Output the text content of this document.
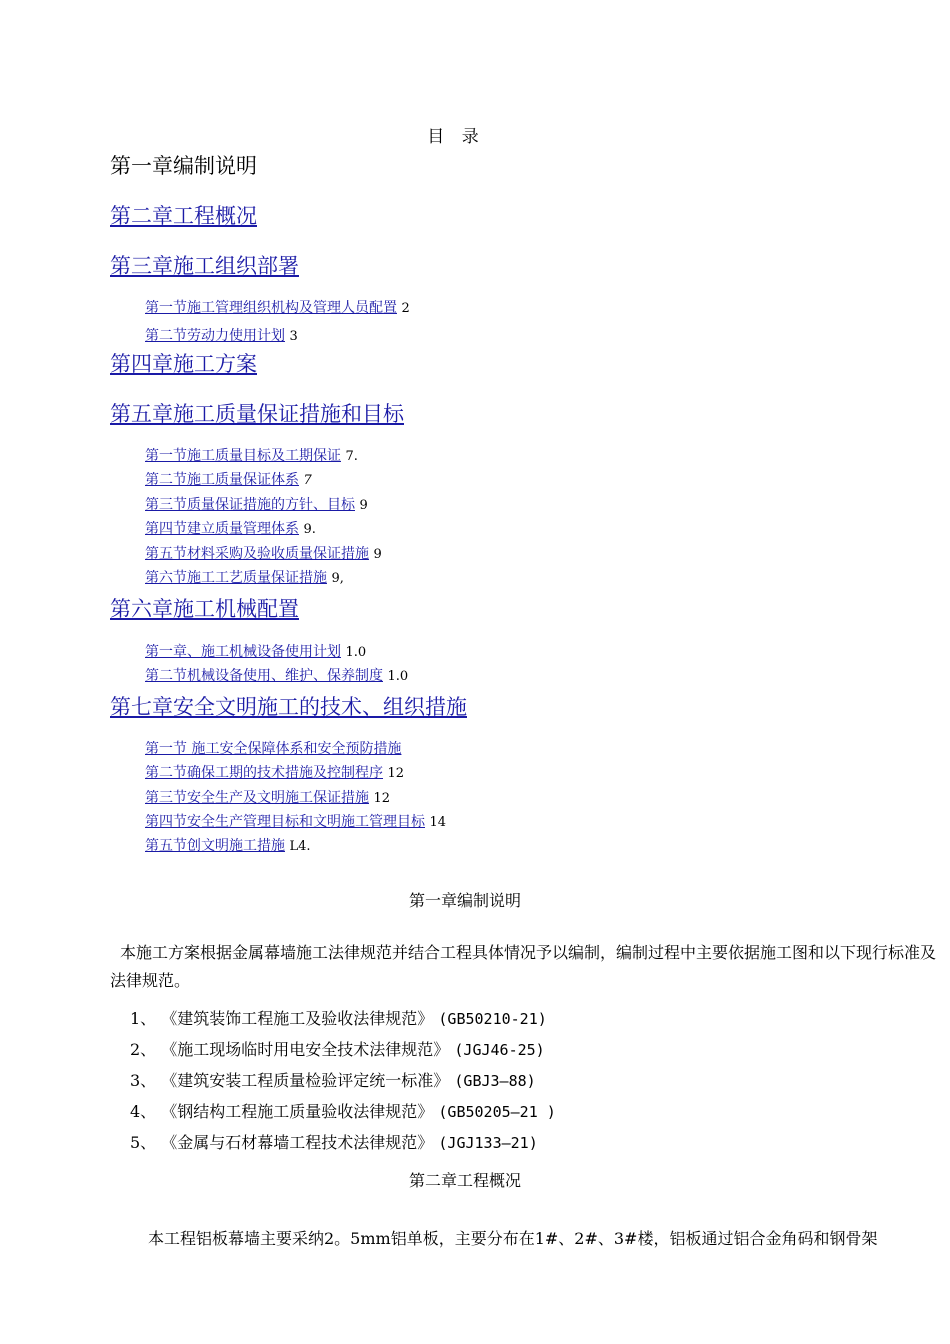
目 录
第一章编制说明
第二章工程概况
第三章施工组织部署
第一节施工管理组织机构及管理人员配置 2
第二节劳动力使用计划 3
第四章施工方案
第五章施工质量保证措施和目标
第一节施工质量目标及工期保证 7.
第二节施工质量保证体系 7
第三节质量保证措施的方针、目标 9
第四节建立质量管理体系 9.
第五节材料采购及验收质量保证措施 9
第六节施工工艺质量保证措施 9,
第六章施工机械配置
第一章、施工机械设备使用计划 1.0
第二节机械设备使用、维护、保养制度 1.0
第七章安全文明施工的技术、组织措施
第一节 施工安全保障体系和安全预防措施
第二节确保工期的技术措施及控制程序 12
第三节安全生产及文明施工保证措施 12
第四节安全生产管理目标和文明施工管理目标 14
第五节创文明施工措施 L4.
第一章编制说明
本施工方案根据金属幕墙施工法律规范并结合工程具体情况予以编制，编制过程中主要依据施工图和以下现行标准及法律规范。
1、 《建筑装饰工程施工及验收法律规范》 (GB50210-21)
2、 《施工现场临时用电安全技术法律规范》 (JGJ46-25)
3、 《建筑安装工程质量检验评定统一标准》 (GBJ3—88)
4、 《钢结构工程施工质量验收法律规范》 (GB50205—21 )
5、 《金属与石材幕墙工程技术法律规范》 (JGJ133—21)
第二章工程概况
本工程铝板幕墙主要采纳2。5mm铝单板，主要分布在1#、2#、3#楼，铝板通过铝合金角码和钢骨架
